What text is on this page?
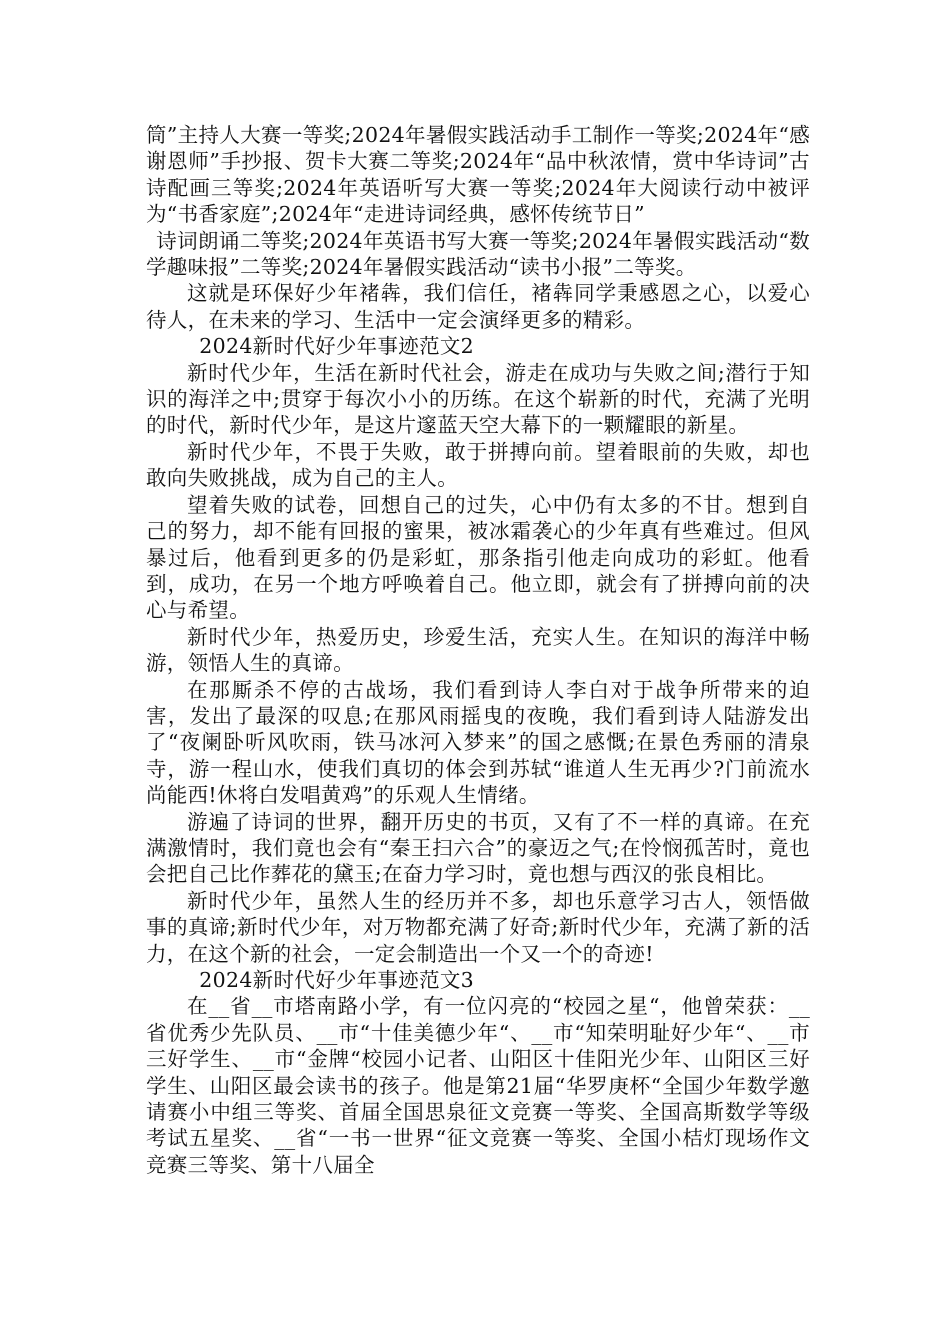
筒”主持人大赛一等奖;2024年暑假实践活动手工制作一等奖;2024年“感谢恩师”手抄报、贺卡大赛二等奖;2024年“品中秋浓情，赏中华诗词”古诗配画三等奖;2024年英语听写大赛一等奖;2024年大阅读行动中被评为“书香家庭”;2024年“走进诗词经典，感怀传统节日”

诗词朗诵二等奖;2024年英语书写大赛一等奖;2024年暑假实践活动“数学趣味报”二等奖;2024年暑假实践活动“读书小报”二等奖。

这就是环保好少年褚犇，我们信任，褚犇同学秉感恩之心，以爱心待人，在未来的学习、生活中一定会演绎更多的精彩。

2024新时代好少年事迹范文2

新时代少年，生活在新时代社会，游走在成功与失败之间;潜行于知识的海洋之中;贯穿于每次小小的历练。在这个崭新的时代，充满了光明的时代，新时代少年，是这片邃蓝天空大幕下的一颗耀眼的新星。

新时代少年，不畏于失败，敢于拼搏向前。望着眼前的失败，却也敢向失败挑战，成为自己的主人。

望着失败的试卷，回想自己的过失，心中仍有太多的不甘。想到自己的努力，却不能有回报的蜜果，被冰霜袭心的少年真有些难过。但风暴过后，他看到更多的仍是彩虹，那条指引他走向成功的彩虹。他看到，成功，在另一个地方呼唤着自己。他立即，就会有了拼搏向前的决心与希望。

新时代少年，热爱历史，珍爱生活，充实人生。在知识的海洋中畅游，领悟人生的真谛。

在那厮杀不停的古战场，我们看到诗人李白对于战争所带来的迫害，发出了最深的叹息;在那风雨摇曳的夜晚，我们看到诗人陆游发出了“夜阑卧听风吹雨，铁马冰河入梦来”的国之感慨;在景色秀丽的清泉寺，游一程山水，使我们真切的体会到苏轼“谁道人生无再少?门前流水尚能西!休将白发唱黄鸡”的乐观人生情绪。

游遍了诗词的世界，翻开历史的书页，又有了不一样的真谛。在充满激情时，我们竟也会有“秦王扫六合”的豪迈之气;在怜悯孤苦时，竟也会把自己比作葬花的黛玉;在奋力学习时，竟也想与西汉的张良相比。

新时代少年，虽然人生的经历并不多，却也乐意学习古人，领悟做事的真谛;新时代少年，对万物都充满了好奇;新时代少年，充满了新的活力，在这个新的社会，一定会制造出一个又一个的奇迹!

2024新时代好少年事迹范文3

在__省__市塔南路小学，有一位闪亮的“校园之星“，他曾荣获：__省优秀少先队员、__市“十佳美德少年“、__市“知荣明耻好少年“、__市三好学生、__市“金牌“校园小记者、山阳区十佳阳光少年、山阳区三好学生、山阳区最会读书的孩子。他是第21届“华罗庚杯“全国少年数学邀请赛小中组三等奖、首届全国思泉征文竞赛一等奖、全国高斯数学等级考试五星奖、__省“一书一世界“征文竞赛一等奖、全国小桔灯现场作文竞赛三等奖、第十八届全
